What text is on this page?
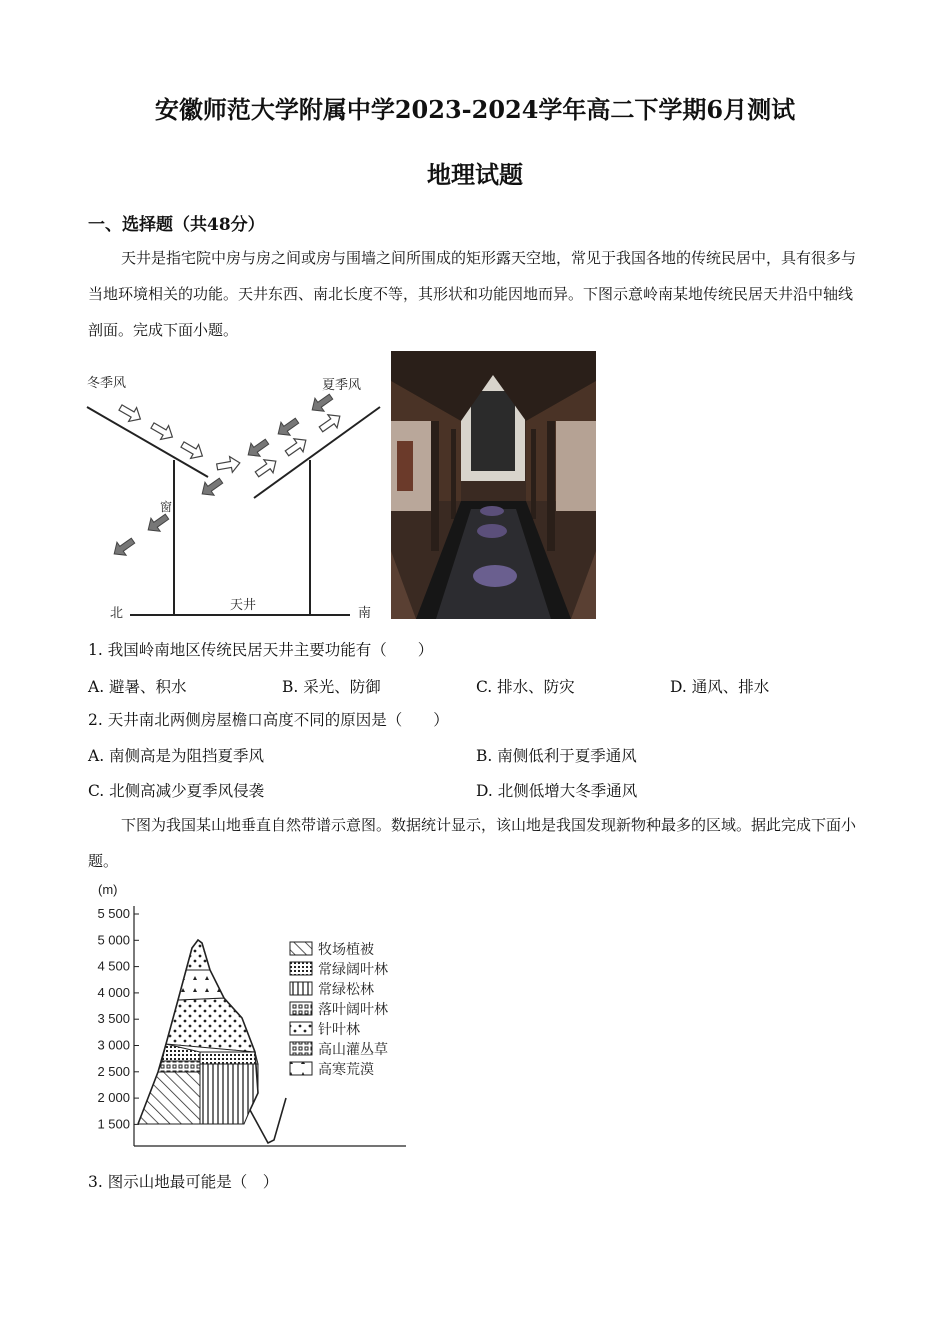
安徽师范大学附属中学2023-2024学年高二下学期6月测试
地理试题
一、选择题（共48分）
天井是指宅院中房与房之间或房与围墙之间所围成的矩形露天空地，常见于我国各地的传统民居中，具有很多与当地环境相关的功能。天井东西、南北长度不等，其形状和功能因地而异。下图示意岭南某地传统民居天井沿中轴线剖面。完成下面小题。
冬季风	夏季风
窗
天井
北	南
1. 我国岭南地区传统民居天井主要功能有（　　）
A. 避暑、积水	B. 采光、防御	C. 排水、防灾	D. 通风、排水
2. 天井南北两侧房屋檐口高度不同的原因是（　　）
A. 南侧高是为阻挡夏季风	B. 南侧低利于夏季通风
C. 北侧高减少夏季风侵袭	D. 北侧低增大冬季通风
下图为我国某山地垂直自然带谱示意图。数据统计显示，该山地是我国发现新物种最多的区域。据此完成下面小题。
(m)
5 500
5 000
4 500
4 000
3 500
3 000
2 500
2 000
1 500
牧场植被
常绿阔叶林
常绿松林
落叶阔叶林
针叶林
高山灌丛草
高寒荒漠
3. 图示山地最可能是（　）
